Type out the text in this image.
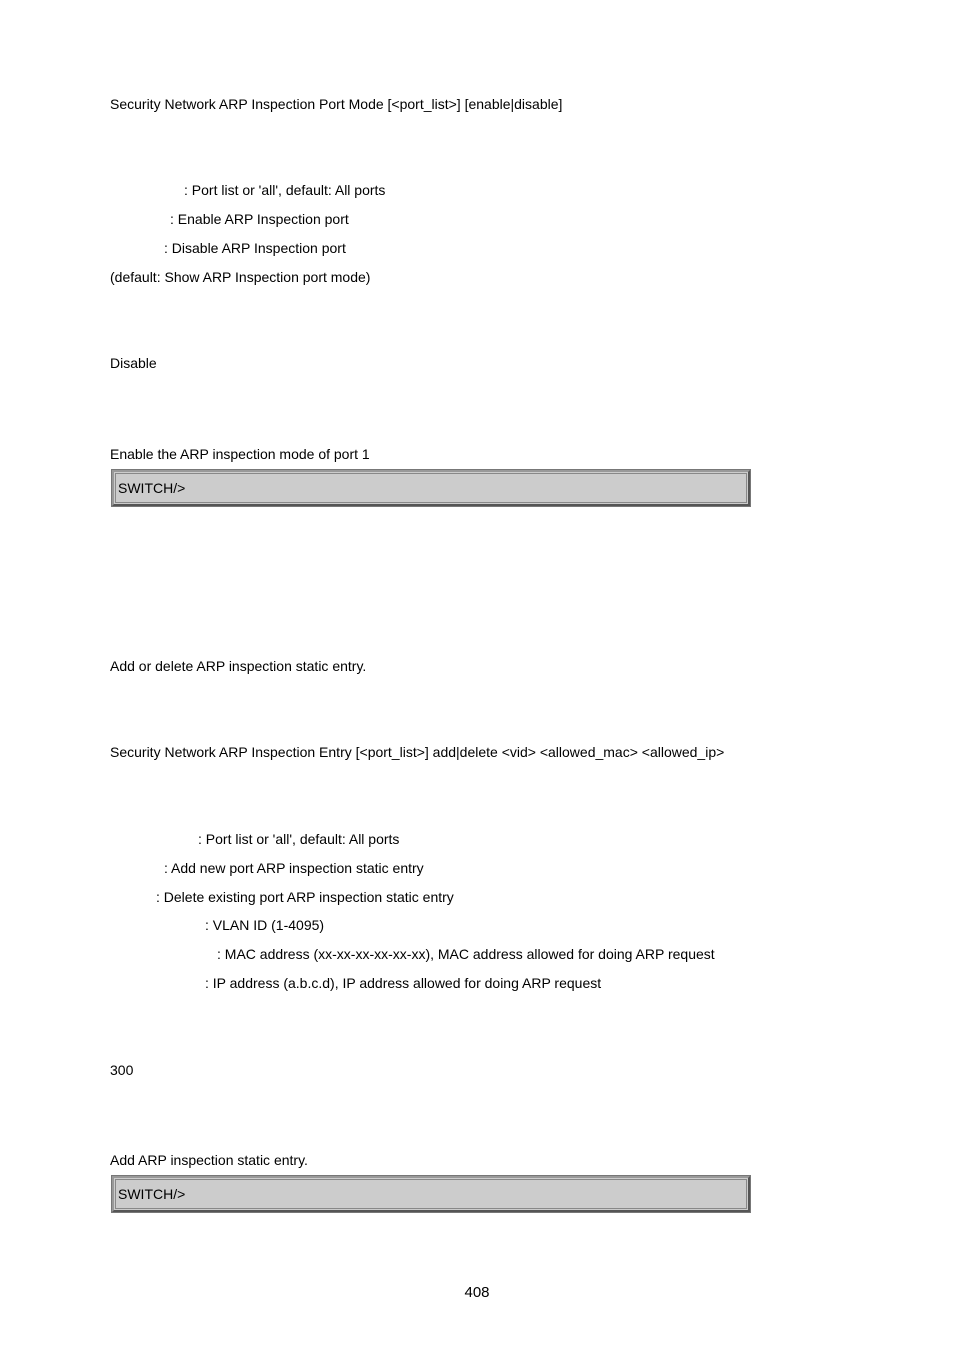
Security Network ARP Inspection Port Mode [<port_list>] [enable|disable]
: Port list or 'all', default: All ports
: Enable ARP Inspection port
: Disable ARP Inspection port
(default: Show ARP Inspection port mode)
Disable
Enable the ARP inspection mode of port 1
SWITCH/>
Add or delete ARP inspection static entry.
Security Network ARP Inspection Entry [<port_list>] add|delete <vid> <allowed_mac> <allowed_ip>
: Port list or 'all', default: All ports
: Add new port ARP inspection static entry
: Delete existing port ARP inspection static entry
: VLAN ID (1-4095)
: MAC address (xx-xx-xx-xx-xx-xx), MAC address allowed for doing ARP request
: IP address (a.b.c.d), IP address allowed for doing ARP request
300
Add ARP inspection static entry.
SWITCH/>
408
